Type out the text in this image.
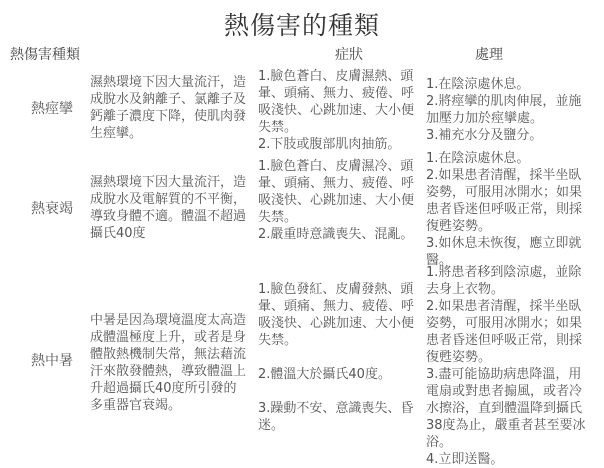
熱傷害的種類
熱傷害種類	症狀	處理
熱痙攣
濕熱環境下因大量流汗，造成脫水及鈉離子、氯離子及鈣離子濃度下降，使肌肉發生痙攣。
1.臉色蒼白、皮膚濕熱、頭暈、頭痛、無力、疲倦、呼吸淺快、心跳加速、大小便失禁。
2.下肢或腹部肌肉抽筋。
1.在陰涼處休息。
2.將痙攣的肌肉伸展，並施加壓力加於痙攣處。
3.補充水分及鹽分。
熱衰竭
濕熱環境下因大量流汗，造成脫水及電解質的不平衡，導致身體不適。體溫不超過攝氏40度
1.臉色蒼白、皮膚濕冷、頭暈、頭痛、無力、疲倦、呼吸淺快、心跳加速、大小便失禁。
2.嚴重時意識喪失、混亂。
1.在陰涼處休息。
2.如果患者清醒，採半坐臥姿勢，可服用冰開水；如果患者昏迷但呼吸正常，則採復甦姿勢。
3.如休息未恢復，應立即就醫。
熱中暑
中暑是因為環境溫度太高造成體溫極度上升，或者是身體散熱機制失常，無法藉流汗來散發體熱，導致體溫上升超過攝氏40度所引發的多重器官衰竭。
1.臉色發紅、皮膚發熱、頭暈、頭痛、無力、疲倦、呼吸淺快、心跳加速、大小便失禁。
2.體溫大於攝氏40度。
3.躁動不安、意識喪失、昏迷。
1.將患者移到陰涼處，並除去身上衣物。
2.如果患者清醒，採半坐臥姿勢，可服用冰開水；如果患者昏迷但呼吸正常，則採復甦姿勢。
3.盡可能協助病患降溫，用電扇或對患者搧風，或者冷水擦浴，直到體溫降到攝氏38度為止，嚴重者甚至要冰浴。
4.立即送醫。
